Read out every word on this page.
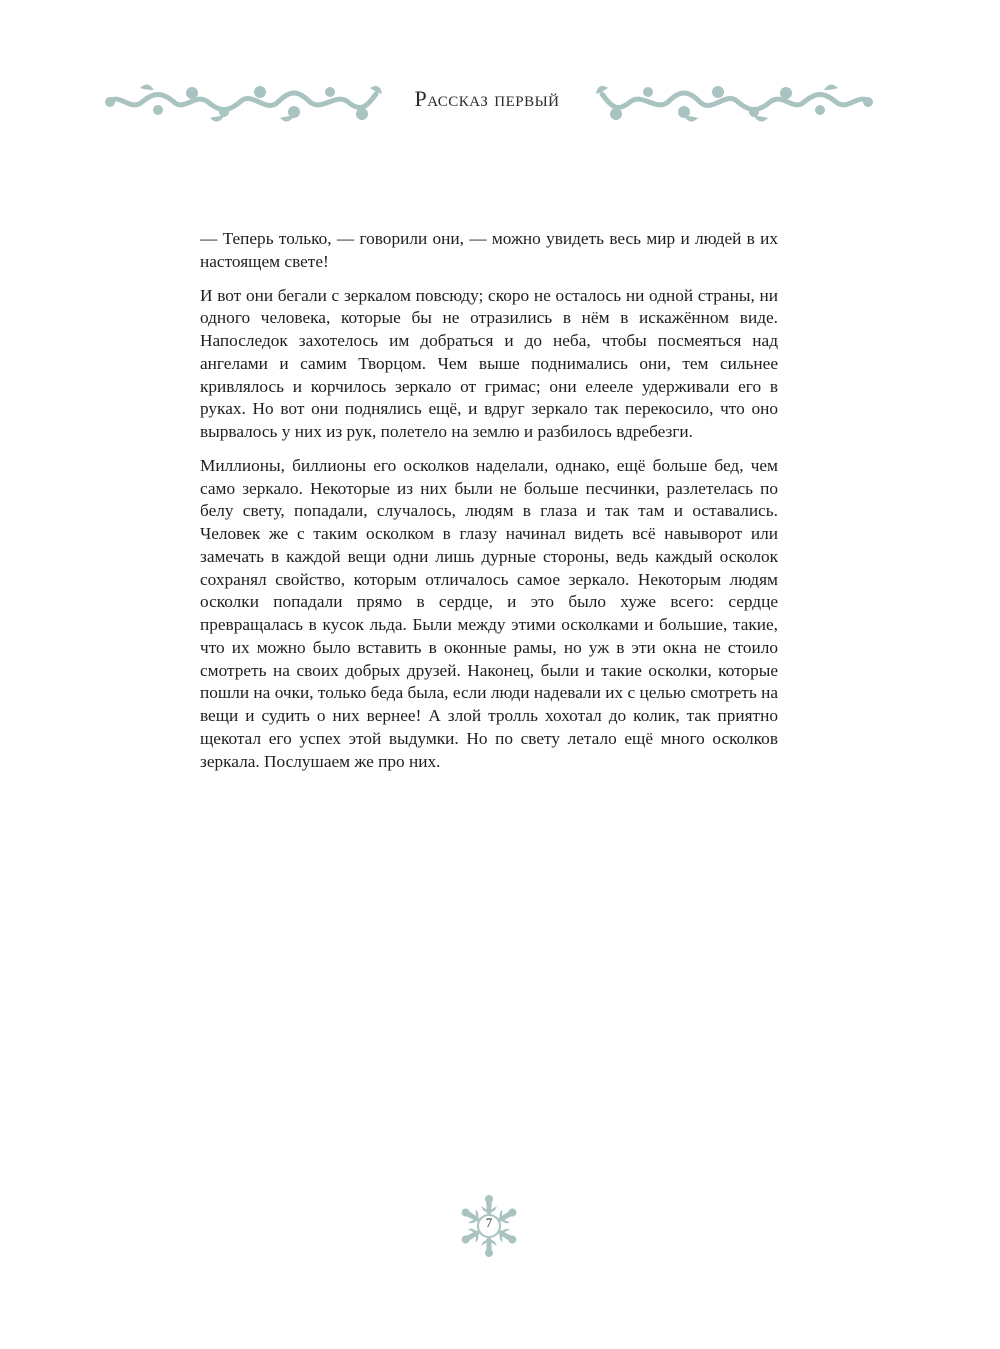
Рассказ первый

— Теперь только, — говорили они, — можно увидеть весь мир и людей в их настоящем свете!

И вот они бегали с зеркалом повсюду; скоро не осталось ни одной страны, ни одного человека, которые бы не отразились в нём в искажённом виде. Напоследок захотелось им добраться и до неба, чтобы посмеяться над ангелами и самим Творцом. Чем выше поднимались они, тем сильнее кривлялось и корчилось зеркало от гримас; они елееле удерживали его в руках. Но вот они поднялись ещё, и вдруг зеркало так перекосило, что оно вырвалось у них из рук, полетело на землю и разбилось вдребезги.

Миллионы, биллионы его осколков наделали, однако, ещё больше бед, чем само зеркало. Некоторые из них были не больше песчинки, разлетелась по белу свету, попадали, случалось, людям в глаза и так там и оставались. Человек же с таким осколком в глазу начинал видеть всё навыворот или замечать в каждой вещи одни лишь дурные стороны, ведь каждый осколок сохранял свойство, которым отличалось самое зеркало. Некоторым людям осколки попадали прямо в сердце, и это было хуже всего: сердце превращалась в кусок льда. Были между этими осколками и большие, такие, что их можно было вставить в оконные рамы, но уж в эти окна не стоило смотреть на своих добрых друзей. Наконец, были и такие осколки, которые пошли на очки, только беда была, если люди надевали их с целью смотреть на вещи и судить о них вернее! А злой тролль хохотал до колик, так приятно щекотал его успех этой выдумки. Но по свету летало ещё много осколков зеркала. Послушаем же про них.

7
